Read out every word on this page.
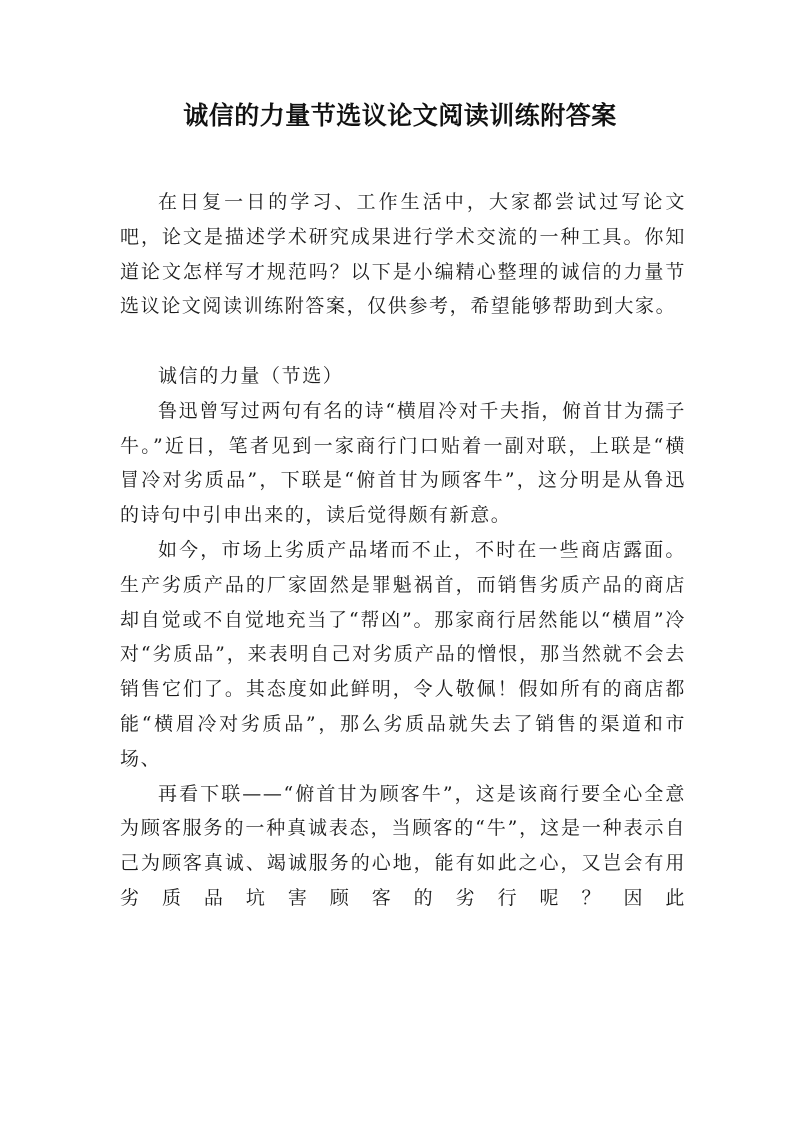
诚信的力量节选议论文阅读训练附答案

在日复一日的学习、工作生活中，大家都尝试过写论文吧，论文是描述学术研究成果进行学术交流的一种工具。你知道论文怎样写才规范吗？以下是小编精心整理的诚信的力量节选议论文阅读训练附答案，仅供参考，希望能够帮助到大家。

诚信的力量（节选）

鲁迅曾写过两句有名的诗“横眉冷对千夫指，俯首甘为孺子牛。”近日，笔者见到一家商行门口贴着一副对联，上联是“横冒冷对劣质品”，下联是“俯首甘为顾客牛”，这分明是从鲁迅的诗句中引申出来的，读后觉得颇有新意。

如今，市场上劣质产品堵而不止，不时在一些商店露面。生产劣质产品的厂家固然是罪魁祸首，而销售劣质产品的商店却自觉或不自觉地充当了“帮凶”。那家商行居然能以“横眉”冷对“劣质品”，来表明自己对劣质产品的憎恨，那当然就不会去销售它们了。其态度如此鲜明，令人敬佩！假如所有的商店都能“横眉冷对劣质品”，那么劣质品就失去了销售的渠道和市场、

再看下联——“俯首甘为顾客牛”，这是该商行要全心全意为顾客服务的一种真诚表态，当顾客的“牛”，这是一种表示自己为顾客真诚、竭诚服务的心地，能有如此之心，又岂会有用劣质品坑害顾客的劣行呢？因此
